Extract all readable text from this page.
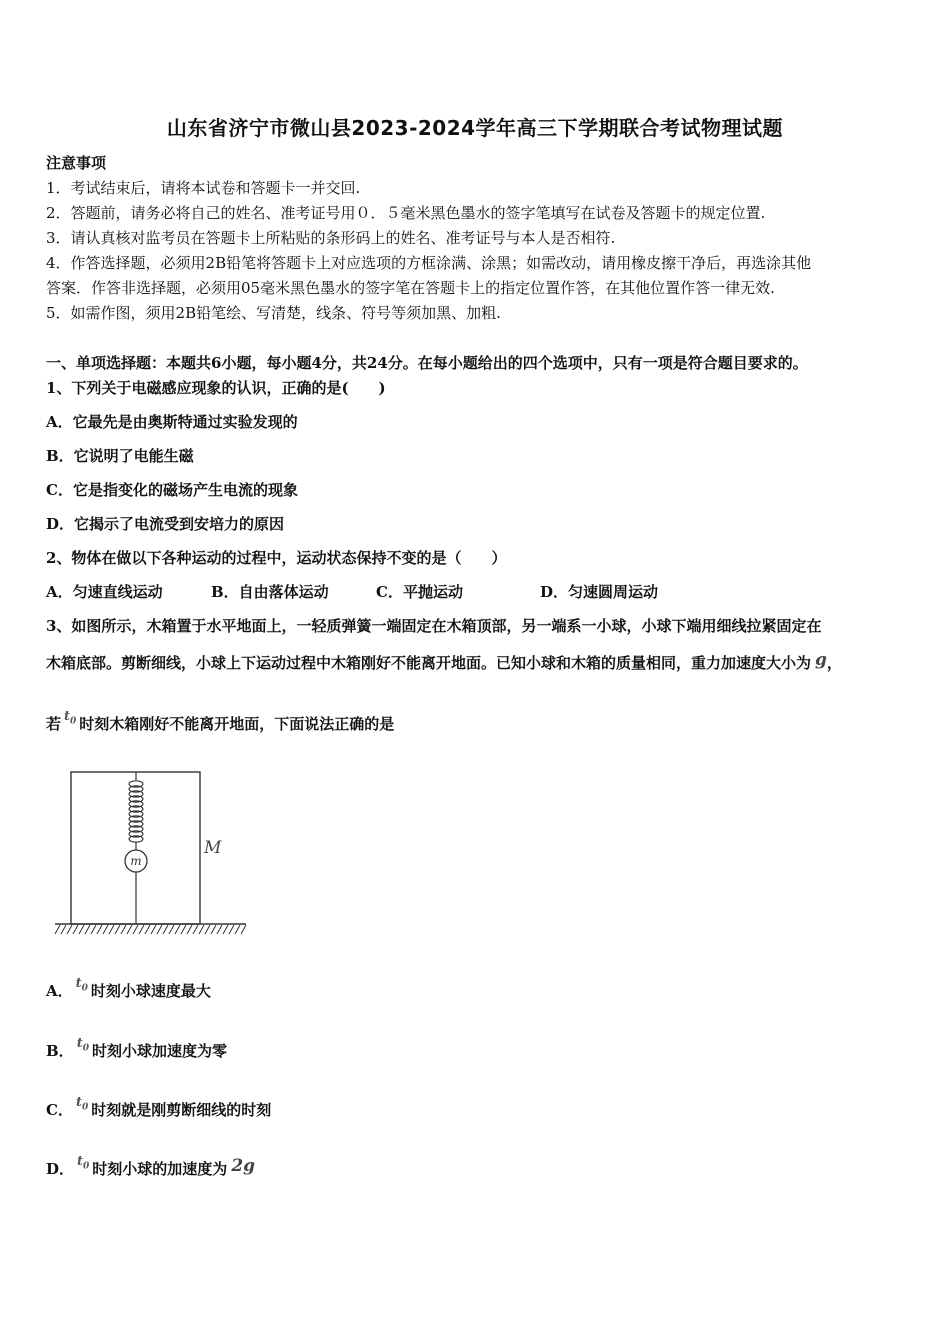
山东省济宁市微山县2023-2024学年高三下学期联合考试物理试题
注意事项
1．考试结束后，请将本试卷和答题卡一并交回.
2．答题前，请务必将自己的姓名、准考证号用０．５毫米黑色墨水的签字笔填写在试卷及答题卡的规定位置.
3．请认真核对监考员在答题卡上所粘贴的条形码上的姓名、准考证号与本人是否相符.
4．作答选择题，必须用2B铅笔将答题卡上对应选项的方框涂满、涂黑；如需改动，请用橡皮擦干净后，再选涂其他
答案．作答非选择题，必须用05毫米黑色墨水的签字笔在答题卡上的指定位置作答，在其他位置作答一律无效.
5．如需作图，须用2B铅笔绘、写清楚，线条、符号等须加黑、加粗.
一、单项选择题：本题共6小题，每小题4分，共24分。在每小题给出的四个选项中，只有一项是符合题目要求的。
1、下列关于电磁感应现象的认识，正确的是(　　)
A．它最先是由奥斯特通过实验发现的
B．它说明了电能生磁
C．它是指变化的磁场产生电流的现象
D．它揭示了电流受到安培力的原因
2、物体在做以下各种运动的过程中，运动状态保持不变的是（　　）
A．匀速直线运动	B．自由落体运动	C．平抛运动	D．匀速圆周运动
3、如图所示，木箱置于水平地面上，一轻质弹簧一端固定在木箱顶部，另一端系一小球，小球下端用细线拉紧固定在
木箱底部。剪断细线，小球上下运动过程中木箱刚好不能离开地面。已知小球和木箱的质量相同，重力加速度大小为 g，
若 $t_0$ 时刻木箱刚好不能离开地面，下面说法正确的是
m
M
A． $t_0$ 时刻小球速度最大
B． $t_0$ 时刻小球加速度为零
C． $t_0$ 时刻就是刚剪断细线的时刻
D． $t_0$ 时刻小球的加速度为 2g
